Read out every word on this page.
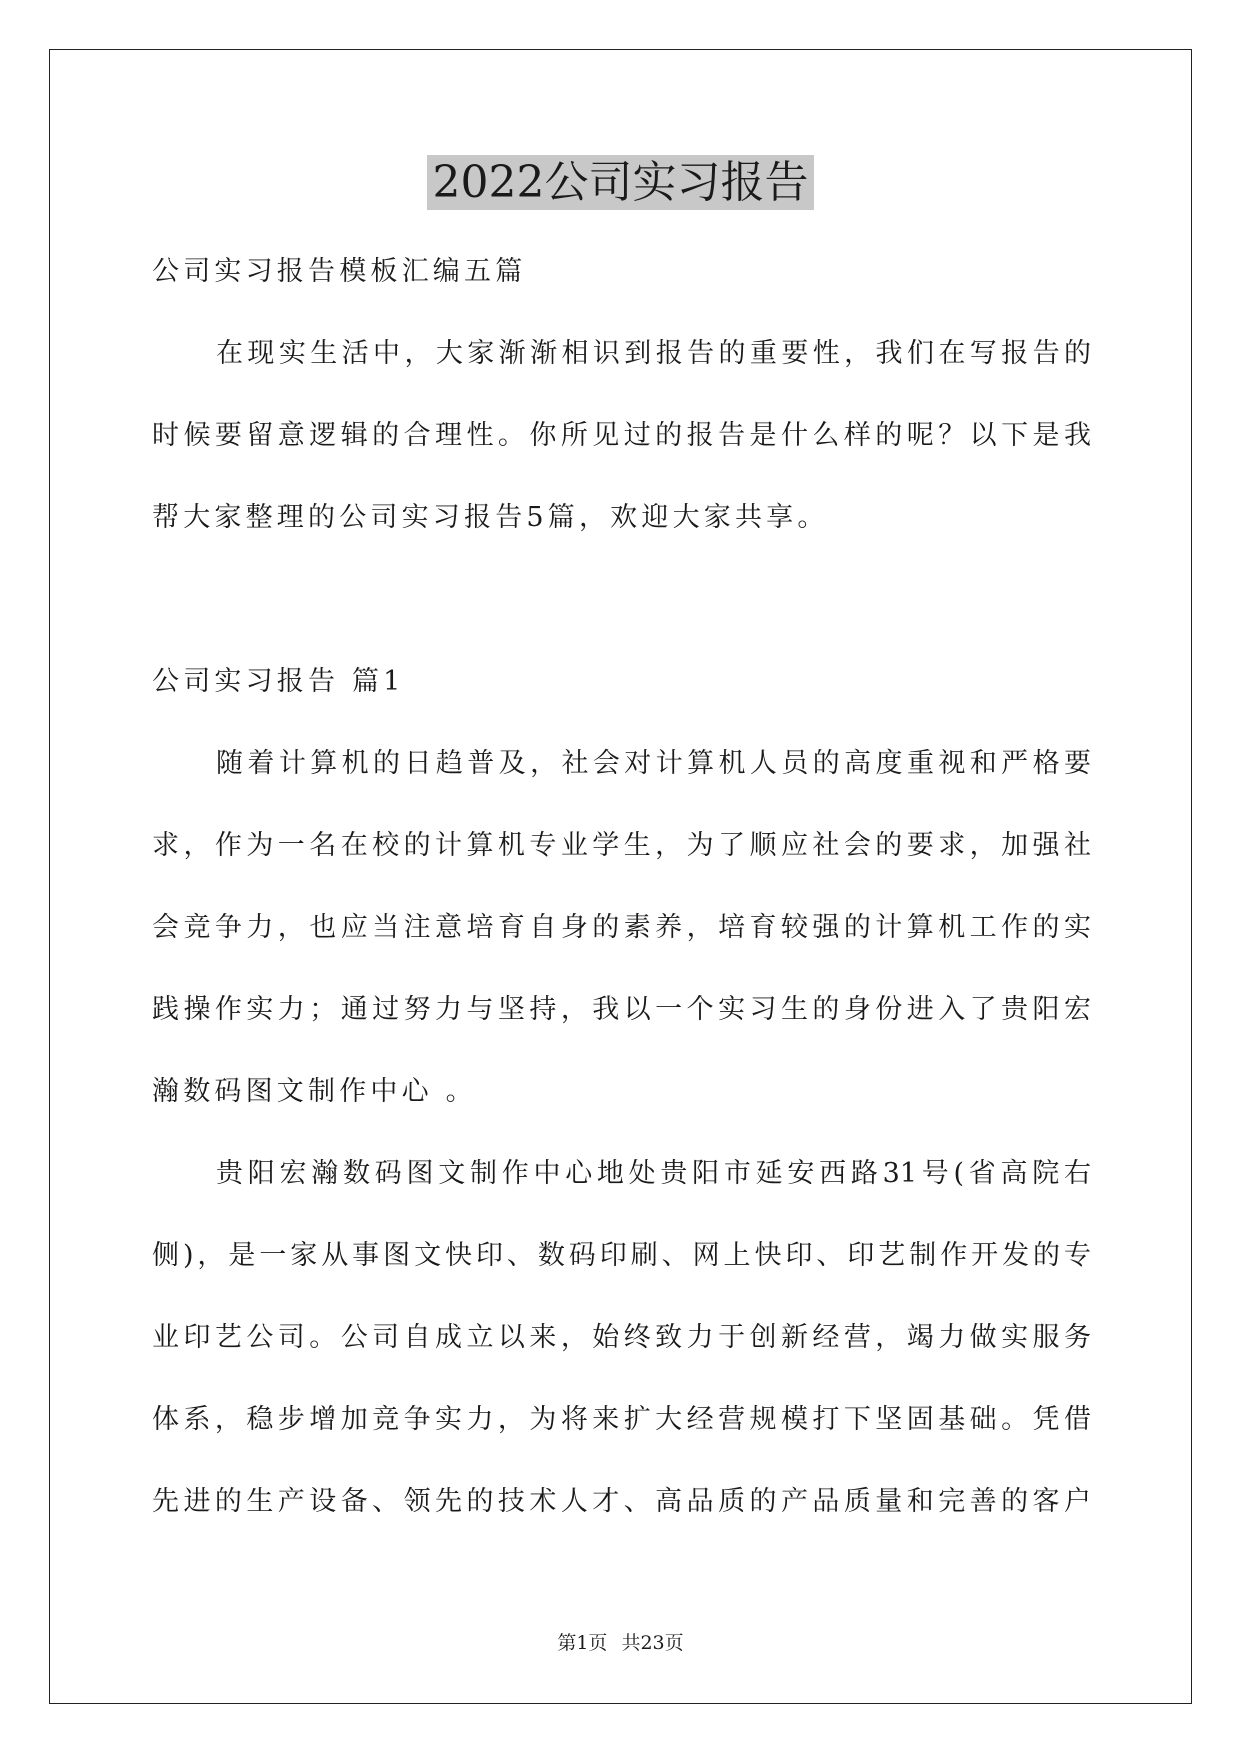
2022公司实习报告
公司实习报告模板汇编五篇
在现实生活中，大家渐渐相识到报告的重要性，我们在写报告的
时候要留意逻辑的合理性。你所见过的报告是什么样的呢？以下是我
帮大家整理的公司实习报告5篇，欢迎大家共享。
公司实习报告 篇1
随着计算机的日趋普及，社会对计算机人员的高度重视和严格要
求，作为一名在校的计算机专业学生，为了顺应社会的要求，加强社
会竞争力，也应当注意培育自身的素养，培育较强的计算机工作的实
践操作实力；通过努力与坚持，我以一个实习生的身份进入了贵阳宏
瀚数码图文制作中心 。
贵阳宏瀚数码图文制作中心地处贵阳市延安西路31号(省高院右
侧)，是一家从事图文快印、数码印刷、网上快印、印艺制作开发的专
业印艺公司。公司自成立以来，始终致力于创新经营，竭力做实服务
体系，稳步增加竞争实力，为将来扩大经营规模打下坚固基础。凭借
先进的生产设备、领先的技术人才、高品质的产品质量和完善的客户
第1页 共23页
